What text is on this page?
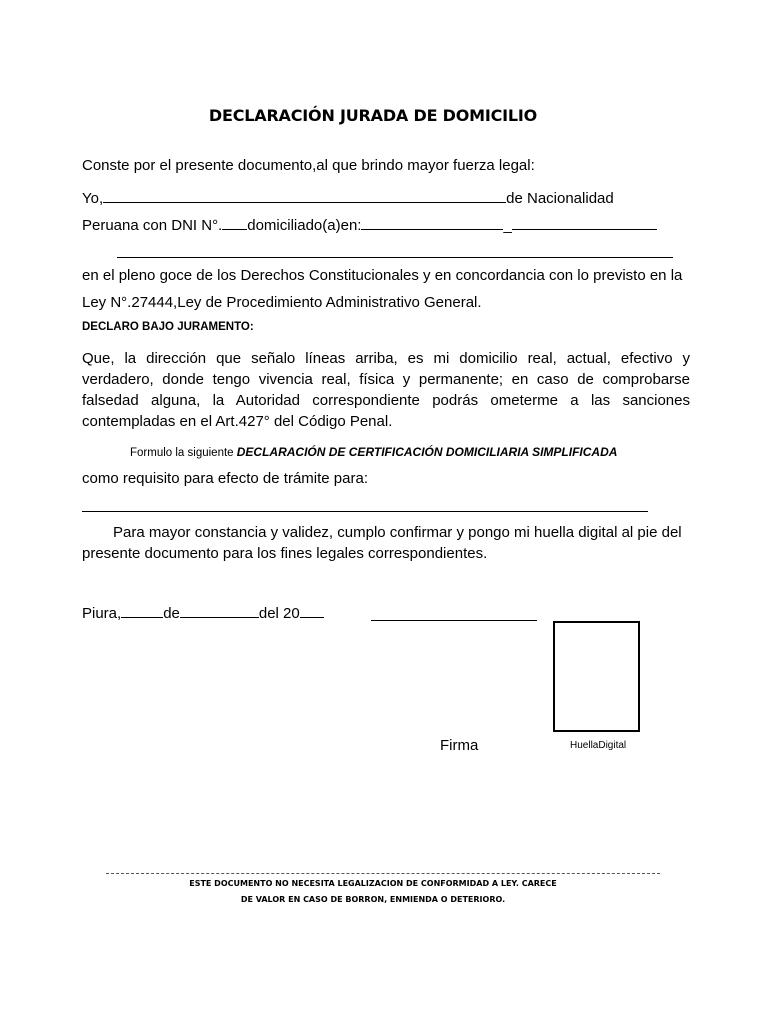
DECLARACIÓN JURADA DE DOMICILIO
Conste por el presente documento,al que brindo mayor fuerza legal:
Yo,	de Nacionalidad
Peruana con DNI N°. domiciliado(a)en:	_
en el pleno goce de los Derechos Constitucionales y en concordancia con lo previsto en la
Ley N°.27444,Ley de Procedimiento Administrativo General.
DECLARO BAJO JURAMENTO:
Que, la dirección que señalo líneas arriba, es mi domicilio real, actual, efectivo y
verdadero, donde tengo vivencia real, física y permanente; en caso de comprobarse
falsedad alguna, la Autoridad correspondiente podrás ometerme a las sanciones
contempladas en el Art.427° del Código Penal.
Formulo la siguiente DECLARACIÓN DE CERTIFICACIÓN DOMICILIARIA SIMPLIFICADA
como requisito para efecto de trámite para:
Para mayor constancia y validez, cumplo confirmar y pongo mi huella digital al pie del
presente documento para los fines legales correspondientes.
Piura,	de	del 20
Firma	HuellaDigital
ESTE DOCUMENTO NO NECESITA LEGALIZACION DE CONFORMIDAD A LEY. CARECE
DE VALOR EN CASO DE BORRON, ENMIENDA O DETERIORO.
